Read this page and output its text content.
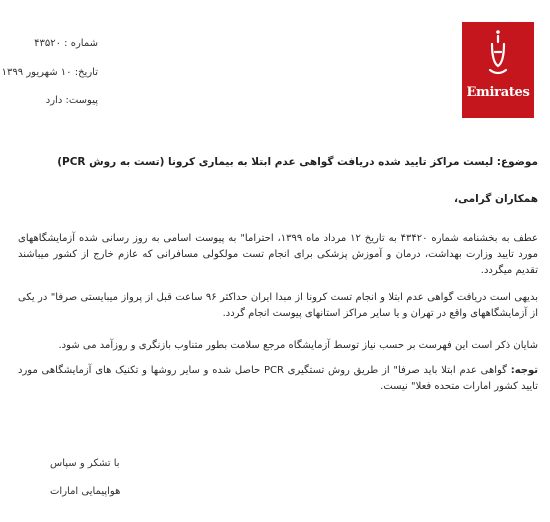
Emirates
شماره : ۴۳۵۲۰
تاریخ: ۱۰ شهریور ۱۳۹۹
پیوست: دارد
موضوع: لیست مراکز تایید شده دریافت گواهی عدم ابتلا به بیماری کرونا (تست به روش PCR)
همکاران گرامی،
عطف به بخشنامه شماره ۴۳۴۲۰ به تاریخ ۱۲ مرداد ماه ۱۳۹۹، احتراما" به پیوست اسامی به روز رسانی شده آزمایشگاههای مورد تایید وزارت بهداشت، درمان و آموزش پزشکی برای انجام تست مولکولی مسافرانی که عازم خارج از کشور میباشند تقدیم میگردد.
بدیهی است دریافت گواهی عدم ابتلا و انجام تست کرونا از مبدا ایران حداکثر ۹۶ ساعت قبل از پرواز میبایستی صرفا" در یکی از آزمایشگاههای واقع در تهران و یا سایر مراکز استانهای پیوست انجام گردد.
شایان ذکر است این فهرست بر حسب نیاز توسط آزمایشگاه مرجع سلامت بطور متناوب بازنگری و روزآمد می شود.
توجه: گواهی عدم ابتلا باید صرفا" از طریق روش تستگیری PCR حاصل شده و سایر روشها و تکنیک های آزمایشگاهی مورد تایید کشور امارات متحده فعلا" نیست.
با تشکر و سپاس
هواپیمایی امارات
